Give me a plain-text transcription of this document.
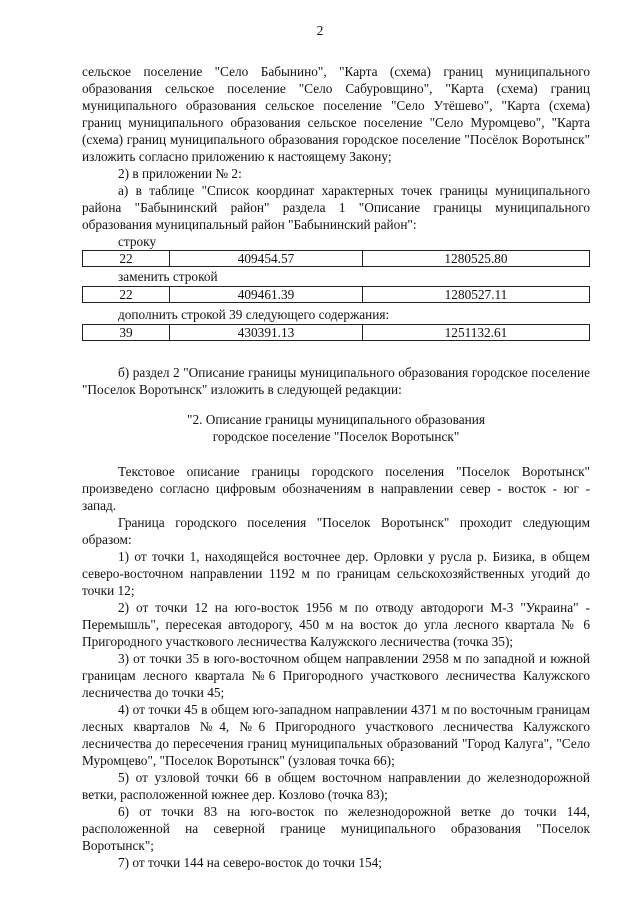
2
сельское поселение "Село Бабынино", "Карта (схема) границ муниципального образования сельское поселение "Село Сабуровщино", "Карта (схема) границ муниципального образования сельское поселение "Село Утёшево", "Карта (схема) границ муниципального образования сельское поселение "Село Муромцево", "Карта (схема) границ муниципального образования городское поселение "Посёлок Воротынск" изложить согласно приложению к настоящему Закону;
2) в приложении № 2:
а) в таблице "Список координат характерных точек границы муниципального района "Бабынинский район" раздела 1 "Описание границы муниципального образования муниципальный район "Бабынинский район":
строку
22	409454.57	1280525.80
заменить строкой
22	409461.39	1280527.11
дополнить строкой 39 следующего содержания:
39	430391.13	1251132.61
б) раздел 2 "Описание границы муниципального образования городское поселение "Поселок Воротынск" изложить в следующей редакции:
"2. Описание границы муниципального образования
городское поселение "Поселок Воротынск"
Текстовое описание границы городского поселения "Поселок Воротынск" произведено согласно цифровым обозначениям в направлении север - восток - юг - запад.
Граница городского поселения "Поселок Воротынск" проходит следующим образом:
1) от точки 1, находящейся восточнее дер. Орловки у русла р. Бизика, в общем северо-восточном направлении 1192 м по границам сельскохозяйственных угодий до точки 12;
2) от точки 12 на юго-восток 1956 м по отводу автодороги М-3 "Украина" - Перемышль", пересекая автодорогу, 450 м на восток до угла лесного квартала № 6 Пригородного участкового лесничества Калужского лесничества (точка 35);
3) от точки 35 в юго-восточном общем направлении 2958 м по западной и южной границам лесного квартала №6 Пригородного участкового лесничества Калужского лесничества до точки 45;
4) от точки 45 в общем юго-западном направлении 4371 м по восточным границам лесных кварталов №4, №6 Пригородного участкового лесничества Калужского лесничества до пересечения границ муниципальных образований "Город Калуга", "Село Муромцево", "Поселок Воротынск" (узловая точка 66);
5) от узловой точки 66 в общем восточном направлении до железнодорожной ветки, расположенной южнее дер. Козлово (точка 83);
6) от точки 83 на юго-восток по железнодорожной ветке до точки 144, расположенной на северной границе муниципального образования "Поселок Воротынск";
7) от точки 144 на северо-восток до точки 154;
